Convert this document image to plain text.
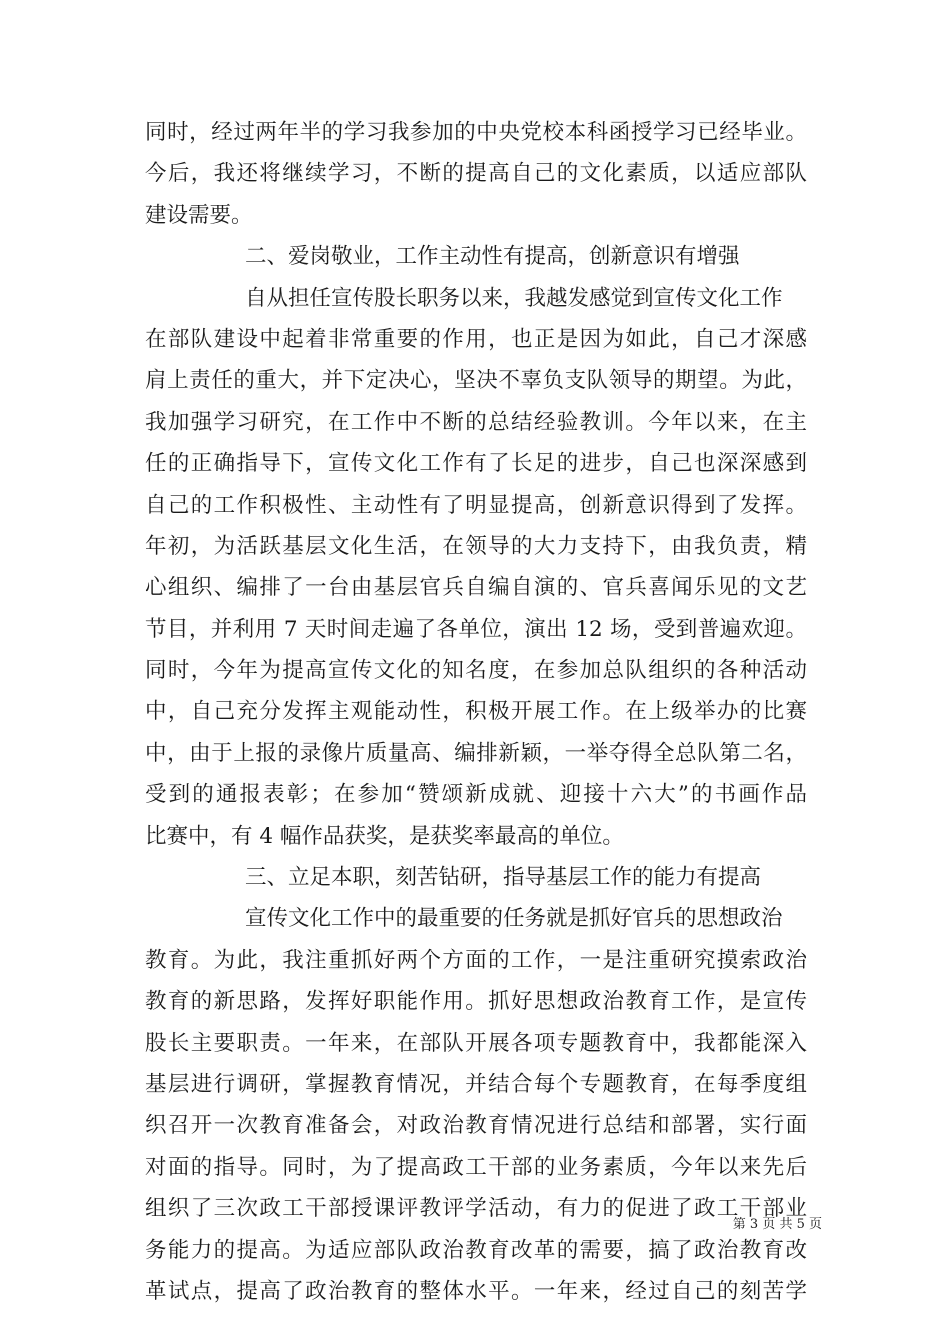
同时，经过两年半的学习我参加的中央党校本科函授学习已经毕业。
今后，我还将继续学习，不断的提高自己的文化素质，以适应部队
建设需要。
二、爱岗敬业，工作主动性有提高，创新意识有增强
自从担任宣传股长职务以来，我越发感觉到宣传文化工作
在部队建设中起着非常重要的作用，也正是因为如此，自己才深感
肩上责任的重大，并下定决心，坚决不辜负支队领导的期望。为此，
我加强学习研究，在工作中不断的总结经验教训。今年以来，在主
任的正确指导下，宣传文化工作有了长足的进步，自己也深深感到
自己的工作积极性、主动性有了明显提高，创新意识得到了发挥。
年初，为活跃基层文化生活，在领导的大力支持下，由我负责，精
心组织、编排了一台由基层官兵自编自演的、官兵喜闻乐见的文艺
节目，并利用 7 天时间走遍了各单位，演出 12 场，受到普遍欢迎。
同时，今年为提高宣传文化的知名度，在参加总队组织的各种活动
中，自己充分发挥主观能动性，积极开展工作。在上级举办的比赛
中，由于上报的录像片质量高、编排新颖，一举夺得全总队第二名，
受到的通报表彰；在参加“赞颂新成就、迎接十六大”的书画作品
比赛中，有 4 幅作品获奖，是获奖率最高的单位。
三、立足本职，刻苦钻研，指导基层工作的能力有提高
宣传文化工作中的最重要的任务就是抓好官兵的思想政治
教育。为此，我注重抓好两个方面的工作，一是注重研究摸索政治
教育的新思路，发挥好职能作用。抓好思想政治教育工作，是宣传
股长主要职责。一年来，在部队开展各项专题教育中，我都能深入
基层进行调研，掌握教育情况，并结合每个专题教育，在每季度组
织召开一次教育准备会，对政治教育情况进行总结和部署，实行面
对面的指导。同时，为了提高政工干部的业务素质，今年以来先后
组织了三次政工干部授课评教评学活动，有力的促进了政工干部业
务能力的提高。为适应部队政治教育改革的需要，搞了政治教育改
革试点，提高了政治教育的整体水平。一年来，经过自己的刻苦学
第 3 页 共 5 页
